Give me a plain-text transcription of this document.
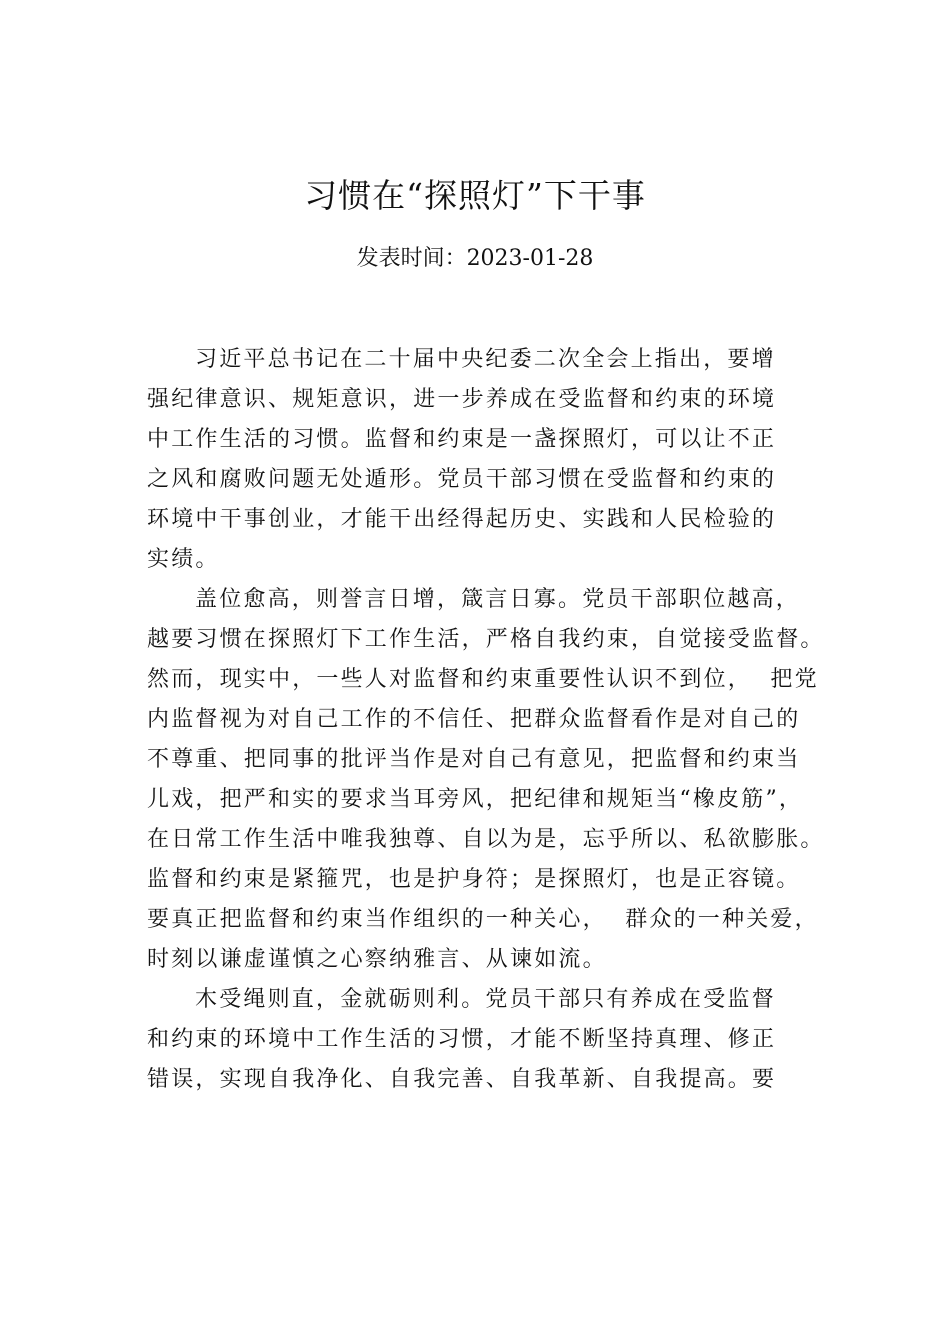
习惯在“探照灯”下干事
发表时间：2023-01-28
习近平总书记在二十届中央纪委二次全会上指出，要增
强纪律意识、规矩意识，进一步养成在受监督和约束的环境
中工作生活的习惯。监督和约束是一盏探照灯，可以让不正
之风和腐败问题无处遁形。党员干部习惯在受监督和约束的
环境中干事创业，才能干出经得起历史、实践和人民检验的
实绩。
盖位愈高，则誉言日增，箴言日寡。党员干部职位越高，
越要习惯在探照灯下工作生活，严格自我约束，自觉接受监督。
然而，现实中，一些人对监督和约束重要性认识不到位，  把党
内监督视为对自己工作的不信任、把群众监督看作是对自己的
不尊重、把同事的批评当作是对自己有意见，把监督和约束当
儿戏，把严和实的要求当耳旁风，把纪律和规矩当“橡皮筋”，
在日常工作生活中唯我独尊、自以为是，忘乎所以、私欲膨胀。
监督和约束是紧箍咒，也是护身符；是探照灯，也是正容镜。
要真正把监督和约束当作组织的一种关心，  群众的一种关爱，
时刻以谦虚谨慎之心察纳雅言、从谏如流。
木受绳则直，金就砺则利。党员干部只有养成在受监督
和约束的环境中工作生活的习惯，才能不断坚持真理、修正
错误，实现自我净化、自我完善、自我革新、自我提高。要
